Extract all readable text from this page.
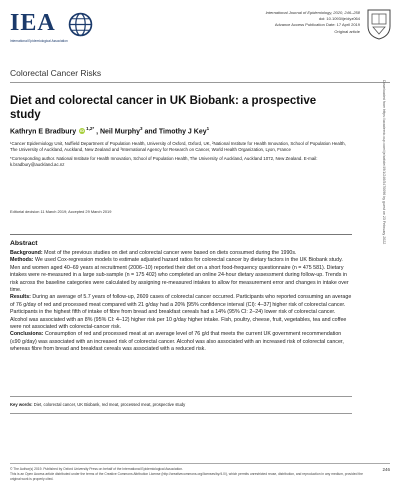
IEA
International Epidemiological Association
International Journal of Epidemiology, 2020, 246–258
doi: 10.1093/ije/dyz064
Advance Access Publication Date: 17 April 2019
Original article
Colorectal Cancer Risks
Diet and colorectal cancer in UK Biobank: a prospective study
Kathryn E Bradbury iD $^{1,2*}$ , Neil Murphy$^3$ and Timothy J Key$^1$

¹Cancer Epidemiology Unit, Nuffield Department of Population Health, University of Oxford, Oxford, UK, ²National Institute for Health Innovation, School of Population Health, The University of Auckland, Auckland, New Zealand and ³International Agency for Research on Cancer, World Health Organization, Lyon, France

*Corresponding author. National Institute for Health Innovation, School of Population Health, The University of Auckland, Auckland 1072, New Zealand. E-mail: k.bradbury@auckland.ac.nz

Editorial decision 11 March 2019; Accepted 29 March 2019	Downloaded from https://academic.oup.com/ije/article/49/1/246/5470096 by guest on 23 February 2022
Abstract

Background: Most of the previous studies on diet and colorectal cancer were based on diets consumed during the 1990s.

Methods: We used Cox-regression models to estimate adjusted hazard ratios for colorectal cancer by dietary factors in the UK Biobank study. Men and women aged 40–69 years at recruitment (2006–10) reported their diet on a short food-frequency questionnaire (n = 475 581). Dietary intakes were re-measured in a large sub-sample (n = 175 402) who completed an online 24-hour dietary assessment during follow-up. Trends in risk across the baseline categories were calculated by assigning re-measured intakes to allow for measurement error and changes in intake over time.

Results: During an average of 5.7 years of follow-up, 2609 cases of colorectal cancer occurred. Participants who reported consuming an average of 76 g/day of red and processed meat compared with 21 g/day had a 20% [95% confidence interval (CI): 4–37] higher risk of colorectal cancer. Participants in the highest fifth of intake of fibre from bread and breakfast cereals had a 14% (95% CI: 2–24) lower risk of colorectal cancer. Alcohol was associated with an 8% (95% CI: 4–12) higher risk per 10 g/day higher intake. Fish, poultry, cheese, fruit, vegetables, tea and coffee were not associated with colorectal-cancer risk.

Conclusions: Consumption of red and processed meat at an average level of 76 g/d that meets the current UK government recommendation (≤90 g/day) was associated with an increased risk of colorectal cancer. Alcohol was also associated with an increased risk of colorectal cancer, whereas fibre from bread and breakfast cereals was associated with a reduced risk.

Key words: Diet, colorectal cancer, UK Biobank, red meat, processed meat, prospective study
© The Author(s) 2019. Published by Oxford University Press on behalf of the International Epidemiological Association.
This is an Open Access article distributed under the terms of the Creative Commons Attribution License (http://creativecommons.org/licenses/by/4.0/), which permits unrestricted reuse, distribution, and reproduction in any medium, provided the original work is properly cited.
246
